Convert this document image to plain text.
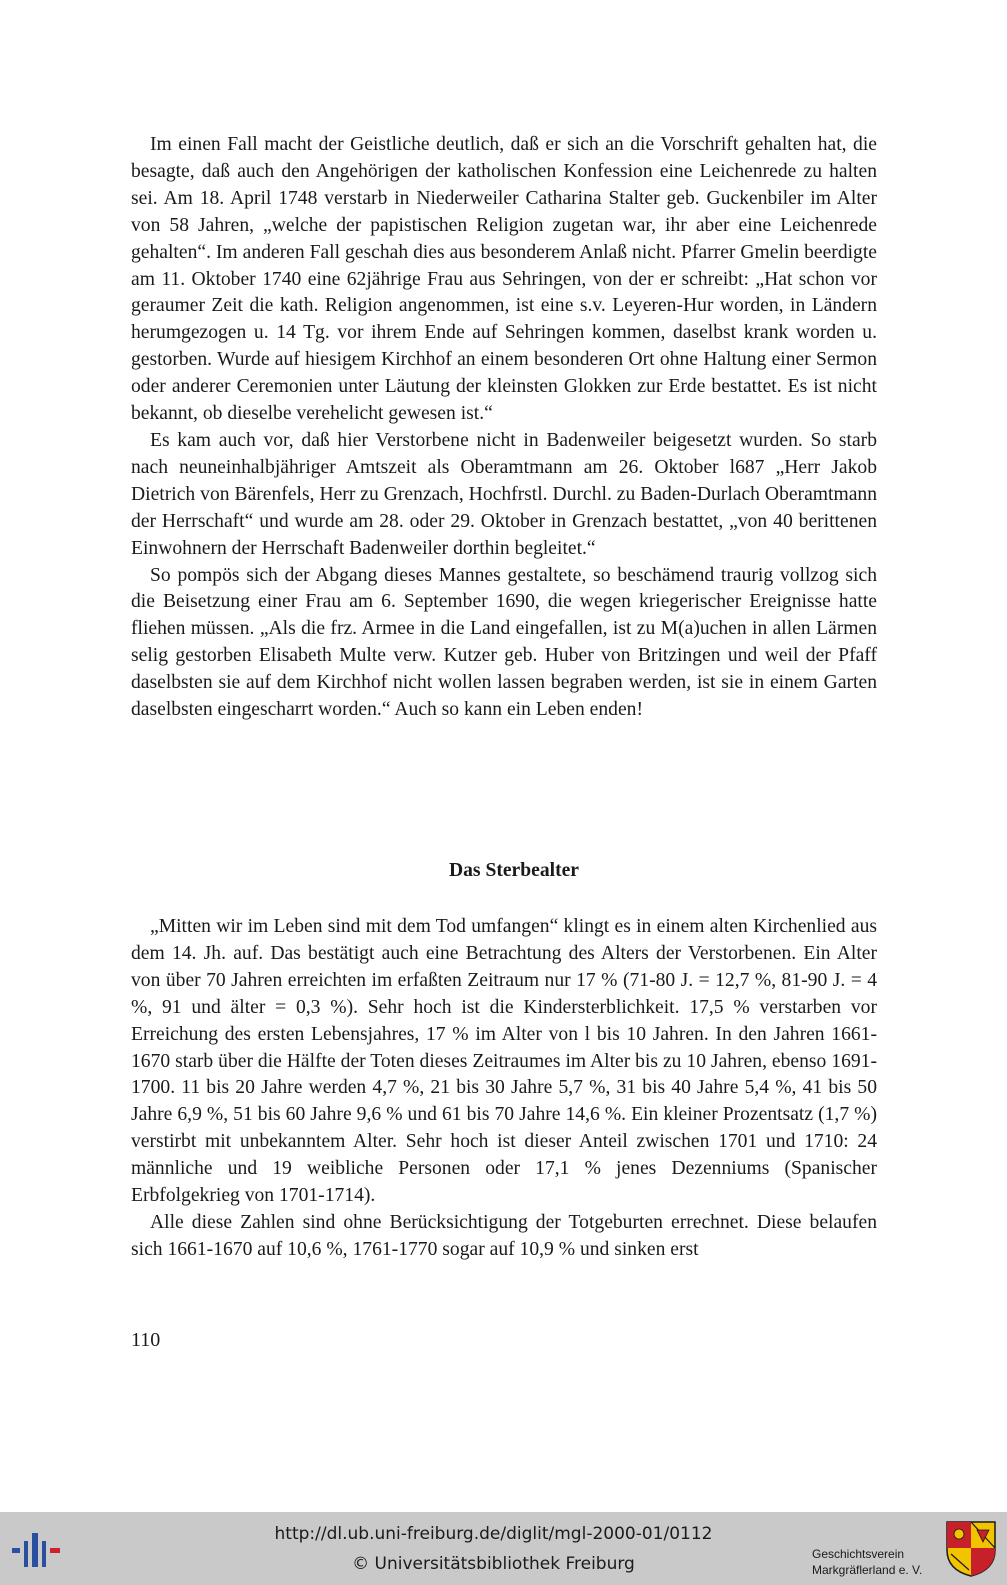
Im einen Fall macht der Geistliche deutlich, daß er sich an die Vorschrift gehalten hat, die besagte, daß auch den Angehörigen der katholischen Konfession eine Leichenrede zu halten sei. Am 18. April 1748 verstarb in Niederweiler Catharina Stalter geb. Guckenbiler im Alter von 58 Jahren, „welche der papistischen Religion zugetan war, ihr aber eine Leichenrede gehalten“. Im anderen Fall geschah dies aus besonderem Anlaß nicht. Pfarrer Gmelin beerdigte am 11. Oktober 1740 eine 62jährige Frau aus Sehringen, von der er schreibt: „Hat schon vor geraumer Zeit die kath. Religion angenommen, ist eine s.v. Leyeren-Hur worden, in Ländern herumgezogen u. 14 Tg. vor ihrem Ende auf Sehringen kommen, daselbst krank worden u. gestorben. Wurde auf hiesigem Kirchhof an einem besonderen Ort ohne Haltung einer Sermon oder anderer Ceremonien unter Läutung der kleinsten Glokken zur Erde bestattet. Es ist nicht bekannt, ob dieselbe verehelicht gewesen ist.“

Es kam auch vor, daß hier Verstorbene nicht in Badenweiler beigesetzt wurden. So starb nach neuneinhalbjähriger Amtszeit als Oberamtmann am 26. Oktober l687 „Herr Jakob Dietrich von Bärenfels, Herr zu Grenzach, Hochfrstl. Durchl. zu Baden-Durlach Oberamtmann der Herrschaft“ und wurde am 28. oder 29. Oktober in Grenzach bestattet, „von 40 berittenen Einwohnern der Herrschaft Badenweiler dorthin begleitet.“

So pompös sich der Abgang dieses Mannes gestaltete, so beschämend traurig vollzog sich die Beisetzung einer Frau am 6. September 1690, die wegen kriegerischer Ereignisse hatte fliehen müssen. „Als die frz. Armee in die Land eingefallen, ist zu M(a)uchen in allen Lärmen selig gestorben Elisabeth Multe verw. Kutzer geb. Huber von Britzingen und weil der Pfaff daselbsten sie auf dem Kirchhof nicht wollen lassen begraben werden, ist sie in einem Garten daselbsten eingescharrt worden.“ Auch so kann ein Leben enden!

Das Sterbealter

„Mitten wir im Leben sind mit dem Tod umfangen“ klingt es in einem alten Kirchenlied aus dem 14. Jh. auf. Das bestätigt auch eine Betrachtung des Alters der Verstorbenen. Ein Alter von über 70 Jahren erreichten im erfaßten Zeitraum nur 17 % (71-80 J. = 12,7 %, 81-90 J. = 4 %, 91 und älter = 0,3 %). Sehr hoch ist die Kindersterblichkeit. 17,5 % verstarben vor Erreichung des ersten Lebensjahres, 17 % im Alter von l bis 10 Jahren. In den Jahren 1661-1670 starb über die Hälfte der Toten dieses Zeitraumes im Alter bis zu 10 Jahren, ebenso 1691-1700. 11 bis 20 Jahre werden 4,7 %, 21 bis 30 Jahre 5,7 %, 31 bis 40 Jahre 5,4 %, 41 bis 50 Jahre 6,9 %, 51 bis 60 Jahre 9,6 % und 61 bis 70 Jahre 14,6 %. Ein kleiner Prozentsatz (1,7 %) verstirbt mit unbekanntem Alter. Sehr hoch ist dieser Anteil zwischen 1701 und 1710: 24 männliche und 19 weibliche Personen oder 17,1 % jenes Dezenniums (Spanischer Erbfolgekrieg von 1701-1714).

Alle diese Zahlen sind ohne Berücksichtigung der Totgeburten errechnet. Diese belaufen sich 1661-1670 auf 10,6 %, 1761-1770 sogar auf 10,9 % und sinken erst

110
http://dl.ub.uni-freiburg.de/diglit/mgl-2000-01/0112
© Universitätsbibliothek Freiburg	Geschichtsverein
Markgräflerland e. V.
